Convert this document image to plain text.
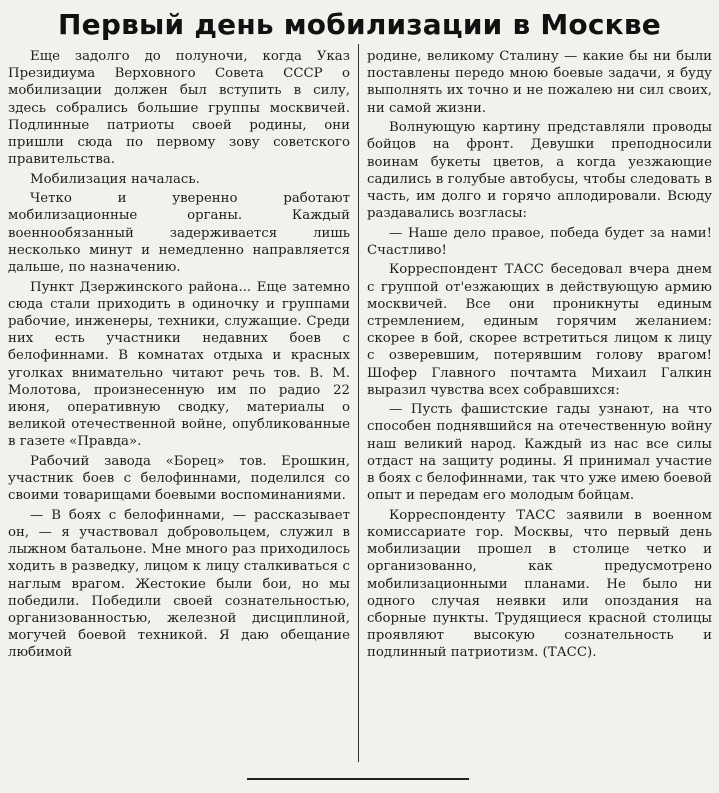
Первый день мобилизации в Москве

Еще задолго до полуночи, когда Указ Президиума Верховного Совета СССР о мобилизации должен был вступить в силу, здесь собрались большие группы москвичей. Подлинные патриоты своей родины, они пришли сюда по первому зову советского правительства.

Мобилизация началась.

Четко и уверенно работают мобилизационные органы. Каждый военнообязанный задерживается лишь несколько минут и немедленно направляется дальше, по назначению.

Пункт Дзержинского района... Еще затемно сюда стали приходить в одиночку и группами рабочие, инженеры, техники, служащие. Среди них есть участники недавних боев с белофиннами. В комнатах отдыха и красных уголках внимательно читают речь тов. В. М. Молотова, произнесенную им по радио 22 июня, оперативную сводку, материалы о великой отечественной войне, опубликованные в газете «Правда».

Рабочий завода «Борец» тов. Ерошкин, участник боев с белофиннами, поделился со своими товарищами боевыми воспоминаниями.

— В боях с белофиннами, — рассказывает он, — я участвовал добровольцем, служил в лыжном батальоне. Мне много раз приходилось ходить в разведку, лицом к лицу сталкиваться с наглым врагом. Жестокие были бои, но мы победили. Победили своей сознательностью, организованностью, железной дисциплиной, могучей боевой техникой. Я даю обещание любимой

родине, великому Сталину — какие бы ни были поставлены передо мною боевые задачи, я буду выполнять их точно и не пожалею ни сил своих, ни самой жизни.

Волнующую картину представляли проводы бойцов на фронт. Девушки преподносили воинам букеты цветов, а когда уезжающие садились в голубые автобусы, чтобы следовать в часть, им долго и горячо аплодировали. Всюду раздавались возгласы:

— Наше дело правое, победа будет за нами! Счастливо!

Корреспондент ТАСС беседовал вчера днем с группой от'езжающих в действующую армию москвичей. Все они проникнуты единым стремлением, единым горячим желанием: скорее в бой, скорее встретиться лицом к лицу с озверевшим, потерявшим голову врагом! Шофер Главного почтамта Михаил Галкин выразил чувства всех собравшихся:

— Пусть фашистские гады узнают, на что способен поднявшийся на отечественную войну наш великий народ. Каждый из нас все силы отдаст на защиту родины. Я принимал участие в боях с белофиннами, так что уже имею боевой опыт и передам его молодым бойцам.

Корреспонденту ТАСС заявили в военном комиссариате гор. Москвы, что первый день мобилизации прошел в столице четко и организованно, как предусмотрено мобилизационными планами. Не было ни одного случая неявки или опоздания на сборные пункты. Трудящиеся красной столицы проявляют высокую сознательность и подлинный патриотизм. (ТАСС).
